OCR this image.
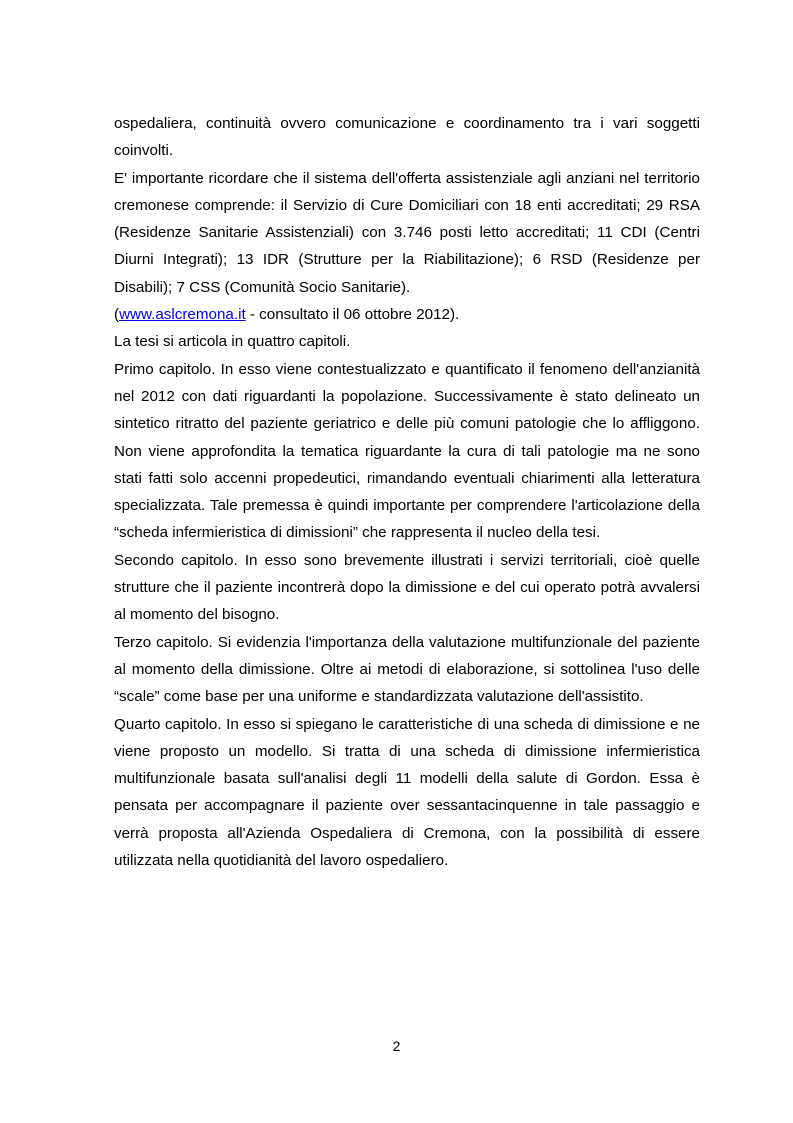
ospedaliera, continuità ovvero comunicazione e coordinamento tra i vari soggetti coinvolti.

E' importante ricordare che il sistema dell'offerta assistenziale agli anziani nel territorio cremonese comprende: il Servizio di Cure Domiciliari con 18 enti accreditati; 29 RSA (Residenze Sanitarie Assistenziali) con 3.746 posti letto accreditati; 11 CDI (Centri Diurni Integrati); 13 IDR (Strutture per la Riabilitazione); 6 RSD (Residenze per Disabili); 7 CSS (Comunità Socio Sanitarie).

(www.aslcremona.it - consultato il 06 ottobre 2012).

La tesi si articola in quattro capitoli.

Primo capitolo. In esso viene contestualizzato e quantificato il fenomeno dell'anzianità nel 2012 con dati riguardanti la popolazione. Successivamente è stato delineato un sintetico ritratto del paziente geriatrico e delle più comuni patologie che lo affliggono. Non viene approfondita la tematica riguardante la cura di tali patologie ma ne sono stati fatti solo accenni propedeutici, rimandando eventuali chiarimenti alla letteratura specializzata. Tale premessa è quindi importante per comprendere l'articolazione della “scheda infermieristica di dimissioni” che rappresenta il nucleo della tesi.

Secondo capitolo. In esso sono brevemente illustrati i servizi territoriali, cioè quelle strutture che il paziente incontrerà dopo la dimissione e del cui operato potrà avvalersi al momento del bisogno.

Terzo capitolo. Si evidenzia l'importanza della valutazione multifunzionale del paziente al momento della dimissione. Oltre ai metodi di elaborazione, si sottolinea l'uso delle “scale” come base per una uniforme e standardizzata valutazione dell'assistito.

Quarto capitolo. In esso si spiegano le caratteristiche di una scheda di dimissione e ne viene proposto un modello. Si tratta di una scheda di dimissione infermieristica multifunzionale basata sull'analisi degli 11 modelli della salute di Gordon. Essa è pensata per accompagnare il paziente over sessantacinquenne in tale passaggio e verrà proposta all'Azienda Ospedaliera di Cremona, con la possibilità di essere utilizzata nella quotidianità del lavoro ospedaliero.

2
